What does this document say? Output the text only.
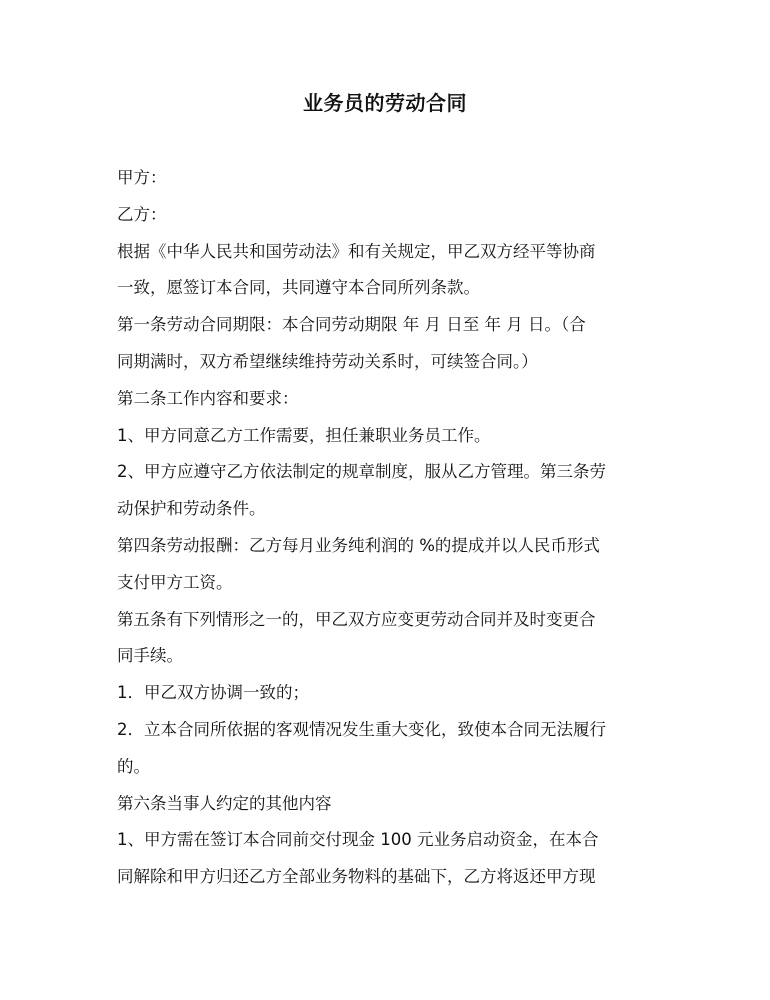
业务员的劳动合同

甲方：

乙方：

根据《中华人民共和国劳动法》和有关规定，甲乙双方经平等协商

一致，愿签订本合同，共同遵守本合同所列条款。

第一条劳动合同期限：本合同劳动期限 年 月 日至 年 月 日。（合

同期满时，双方希望继续维持劳动关系时，可续签合同。）

第二条工作内容和要求：

1、甲方同意乙方工作需要，担任兼职业务员工作。

2、甲方应遵守乙方依法制定的规章制度，服从乙方管理。第三条劳

动保护和劳动条件。

第四条劳动报酬：乙方每月业务纯利润的 %的提成并以人民币形式

支付甲方工资。

第五条有下列情形之一的，甲乙双方应变更劳动合同并及时变更合

同手续。

1．甲乙双方协调一致的；

2．立本合同所依据的客观情况发生重大变化，致使本合同无法履行

的。

第六条当事人约定的其他内容

1、甲方需在签订本合同前交付现金 100 元业务启动资金，在本合

同解除和甲方归还乙方全部业务物料的基础下，乙方将返还甲方现
